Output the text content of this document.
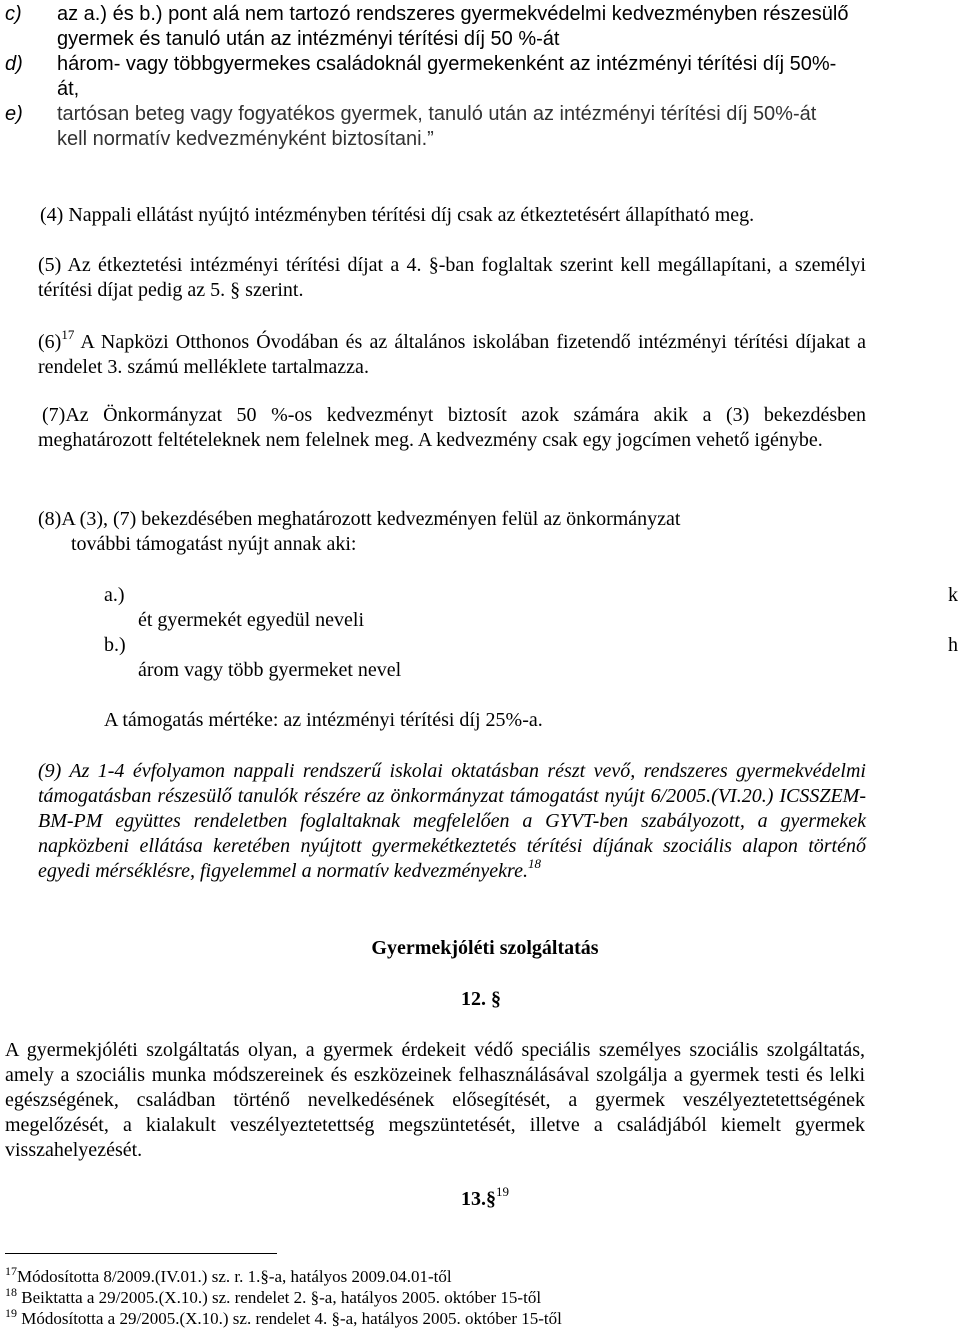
c) az a.) és b.) pont alá nem tartozó rendszeres gyermekvédelmi kedvezményben részesülő
gyermek és tanuló után az intézményi térítési díj 50 %-át
d) három- vagy többgyermekes családoknál gyermekenként az intézményi térítési díj 50%-
át,
e) tartósan beteg vagy fogyatékos gyermek, tanuló után az intézményi térítési díj 50%-át
kell normatív kedvezményként biztosítani.”
(4) Nappali ellátást nyújtó intézményben térítési díj csak az étkeztetésért állapítható meg.
(5) Az étkeztetési intézményi térítési díjat a 4. §-ban foglaltak szerint kell megállapítani, a személyi térítési díjat pedig az 5. § szerint.
$(6)^{17}$ A Napközi Otthonos Óvodában és az általános iskolában fizetendő intézményi térítési díjakat a rendelet 3. számú melléklete tartalmazza.
(7)Az Önkormányzat 50 %-os kedvezményt biztosít azok számára akik a (3) bekezdésben meghatározott feltételeknek nem felelnek meg. A kedvezmény csak egy jogcímen vehető igénybe.
(8)A (3), (7) bekezdésében meghatározott kedvezményen felül az önkormányzat
további támogatást nyújt annak aki:
a.)	k
ét gyermekét egyedül neveli
b.)	h
árom vagy több gyermeket nevel
A támogatás mértéke: az intézményi térítési díj 25%-a.
(9) Az 1-4 évfolyamon nappali rendszerű iskolai oktatásban részt vevő, rendszeres gyermekvédelmi támogatásban részesülő tanulók részére az önkormányzat támogatást nyújt 6/2005.(VI.20.) ICSSZEM-BM-PM együttes rendeletben foglaltaknak megfelelően a GYVT-ben szabályozott, a gyermekek napközbeni ellátása keretében nyújtott gyermekétkeztetés térítési díjának szociális alapon történő egyedi mérséklésre, figyelemmel a normatív kedvezményekre.$^{18}$
Gyermekjóléti szolgáltatás
12. §
A gyermekjóléti szolgáltatás olyan, a gyermek érdekeit védő speciális személyes szociális szolgáltatás, amely a szociális munka módszereinek és eszközeinek felhasználásával szolgálja a gyermek testi és lelki egészségének, családban történő nevelkedésének elősegítését, a gyermek veszélyeztetettségének megelőzését, a kialakult veszélyeztetettség megszüntetését, illetve a családjából kiemelt gyermek visszahelyezését.
13.§$^{19}$
$^{17}$Módosította 8/2009.(IV.01.) sz. r. 1.§-a, hatályos 2009.04.01-től
$^{18}$ Beiktatta a 29/2005.(X.10.) sz. rendelet 2. §-a, hatályos 2005. október 15-től
$^{19}$ Módosította a 29/2005.(X.10.) sz. rendelet 4. §-a, hatályos 2005. október 15-től
